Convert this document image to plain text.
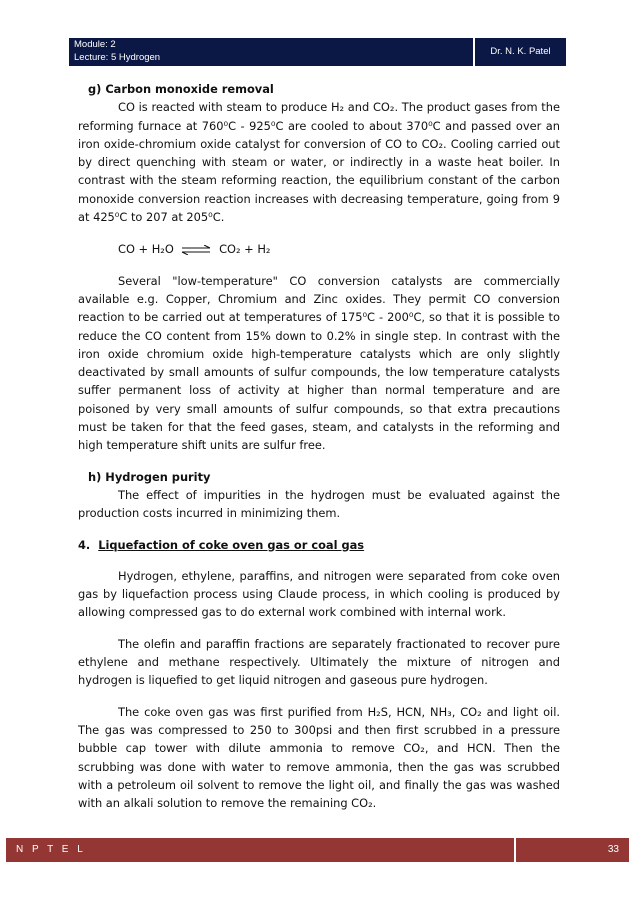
Module: 2
Lecture: 5 Hydrogen
Dr. N. K. Patel

g) Carbon monoxide removal

CO is reacted with steam to produce H₂ and CO₂. The product gases from the reforming furnace at 760⁰C - 925⁰C are cooled to about 370⁰C and passed over an iron oxide-chromium oxide catalyst for conversion of CO to CO₂. Cooling carried out by direct quenching with steam or water, or indirectly in a waste heat boiler. In contrast with the steam reforming reaction, the equilibrium constant of the carbon monoxide conversion reaction increases with decreasing temperature, going from 9 at 425⁰C to 207 at 205⁰C.

CO + H₂O ⇌ CO₂ + H₂

Several "low-temperature" CO conversion catalysts are commercially available e.g. Copper, Chromium and Zinc oxides. They permit CO conversion reaction to be carried out at temperatures of 175⁰C - 200⁰C, so that it is possible to reduce the CO content from 15% down to 0.2% in single step. In contrast with the iron oxide chromium oxide high-temperature catalysts which are only slightly deactivated by small amounts of sulfur compounds, the low temperature catalysts suffer permanent loss of activity at higher than normal temperature and are poisoned by very small amounts of sulfur compounds, so that extra precautions must be taken for that the feed gases, steam, and catalysts in the reforming and high temperature shift units are sulfur free.

h) Hydrogen purity

The effect of impurities in the hydrogen must be evaluated against the production costs incurred in minimizing them.

4. Liquefaction of coke oven gas or coal gas

Hydrogen, ethylene, paraffins, and nitrogen were separated from coke oven gas by liquefaction process using Claude process, in which cooling is produced by allowing compressed gas to do external work combined with internal work.

The olefin and paraffin fractions are separately fractionated to recover pure ethylene and methane respectively. Ultimately the mixture of nitrogen and hydrogen is liquefied to get liquid nitrogen and gaseous pure hydrogen.

The coke oven gas was first purified from H₂S, HCN, NH₃, CO₂ and light oil. The gas was compressed to 250 to 300psi and then first scrubbed in a pressure bubble cap tower with dilute ammonia to remove CO₂, and HCN. Then the scrubbing was done with water to remove ammonia, then the gas was scrubbed with a petroleum oil solvent to remove the light oil, and finally the gas was washed with an alkali solution to remove the remaining CO₂.

N P T E L	33
